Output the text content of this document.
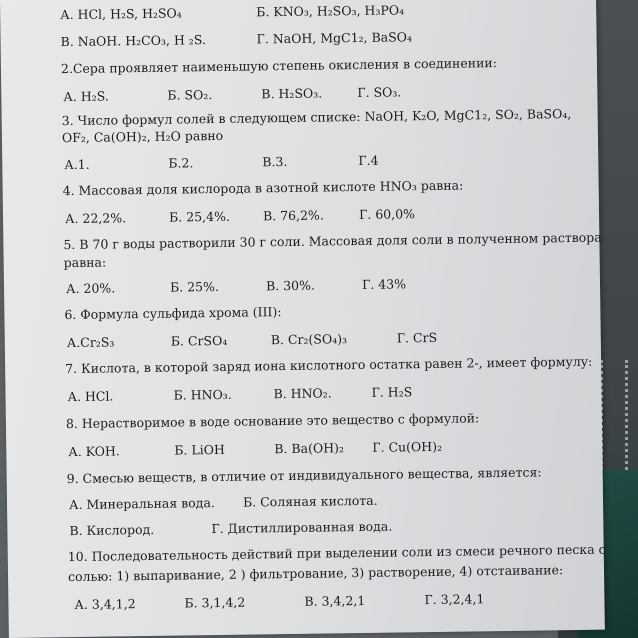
А. HCl, H₂S, H₂SO₄	Б. KNO₃, H₂SO₃, H₃PO₄
В. NaOH. H₂CO₃, H ₂S.	Г. NaOH, MgC1₂, BaSO₄
2.Сера проявляет наименьшую степень окисления в соединении:
А. H₂S.	Б. SO₂.	В. H₂SO₃.	Г. SO₃.
3. Число формул солей в следующем списке: NaOH, K₂O, MgC1₂, SO₂, BaSO₄,
OF₂, Ca(OH)₂, H₂O равно
А.1.	Б.2.	В.3.	Г.4
4. Массовая доля кислорода в азотной кислоте HNO₃ равна:
А. 22,2%.	Б. 25,4%.	В. 76,2%.	Г. 60,0%
5. В 70 г воды растворили 30 г соли. Массовая доля соли в полученном раствора
равна:
А. 20%.	Б. 25%.	В. 30%.	Г. 43%
6. Формула сульфида хрома (III):
А.Cr₂S₃	Б. CrSO₄	В. Cr₂(SO₄)₃	Г. CrS
7. Кислота, в которой заряд иона кислотного остатка равен 2-, имеет формулу:
А. HCl.	Б. HNO₃.	В. HNO₂.	Г. H₂S
8. Нерастворимое в воде основание это вещество с формулой:
А. KOH.	Б. LiOH	В. Ba(OH)₂ Г. Cu(OH)₂
9. Смесью веществ, в отличие от индивидуального вещества, является:
А. Минеральная вода. Б. Соляная кислота.
В. Кислород.	Г. Дистиллированная вода.
10. Последовательность действий при выделении соли из смеси речного песка с
солью: 1) выпаривание, 2 ) фильтрование, 3) растворение, 4) отстаивание:
А. 3,4,1,2	Б. 3,1,4,2	В. 3,4,2,1	Г. 3,2,4,1
